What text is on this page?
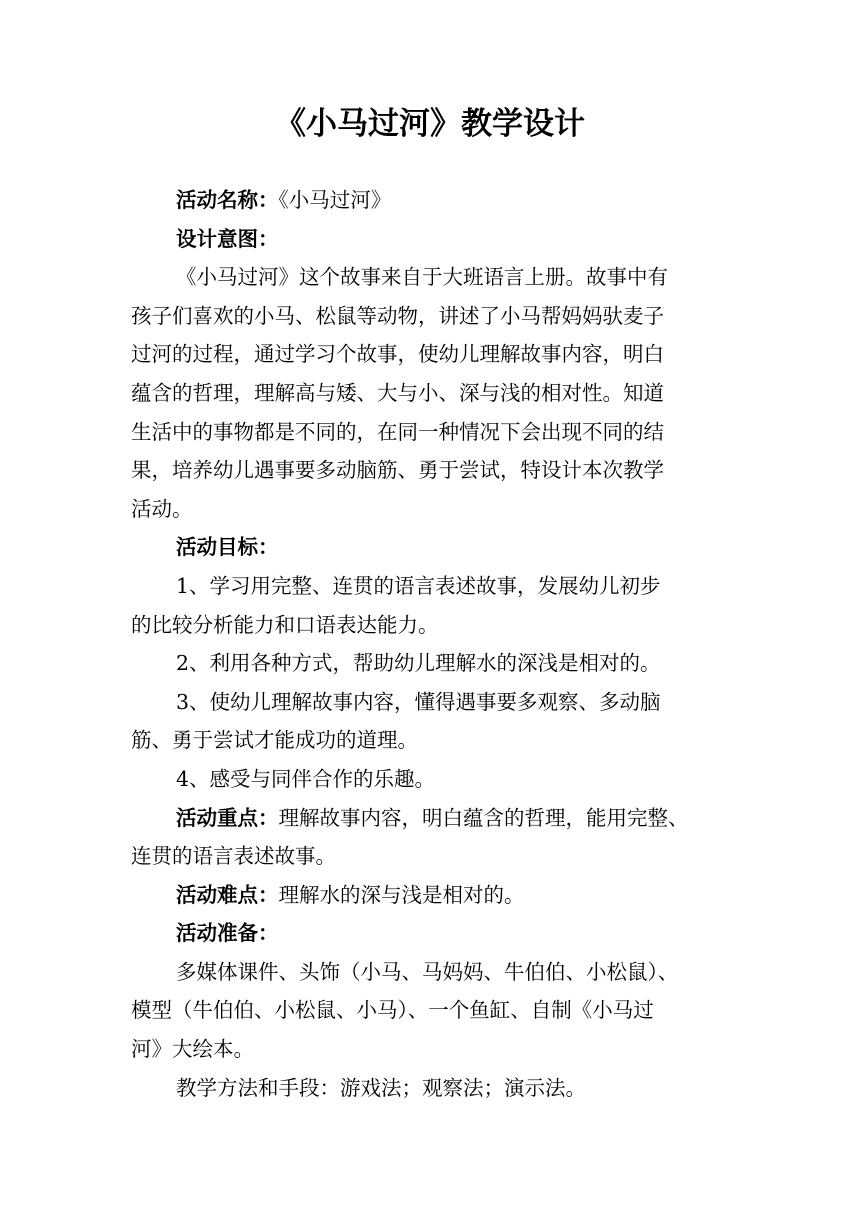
《小马过河》教学设计
活动名称：《小马过河》
设计意图：
《小马过河》这个故事来自于大班语言上册。故事中有
孩子们喜欢的小马、松鼠等动物，讲述了小马帮妈妈驮麦子
过河的过程，通过学习个故事，使幼儿理解故事内容，明白
蕴含的哲理，理解高与矮、大与小、深与浅的相对性。知道
生活中的事物都是不同的，在同一种情况下会出现不同的结
果，培养幼儿遇事要多动脑筋、勇于尝试，特设计本次教学
活动。
活动目标：
1、学习用完整、连贯的语言表述故事，发展幼儿初步
的比较分析能力和口语表达能力。
2、利用各种方式，帮助幼儿理解水的深浅是相对的。
3、使幼儿理解故事内容，懂得遇事要多观察、多动脑
筋、勇于尝试才能成功的道理。
4、感受与同伴合作的乐趣。
活动重点：理解故事内容，明白蕴含的哲理，能用完整、
连贯的语言表述故事。
活动难点：理解水的深与浅是相对的。
活动准备：
多媒体课件、头饰（小马、马妈妈、牛伯伯、小松鼠）、
模型（牛伯伯、小松鼠、小马）、一个鱼缸、自制《小马过
河》大绘本。
教学方法和手段：游戏法；观察法；演示法。
